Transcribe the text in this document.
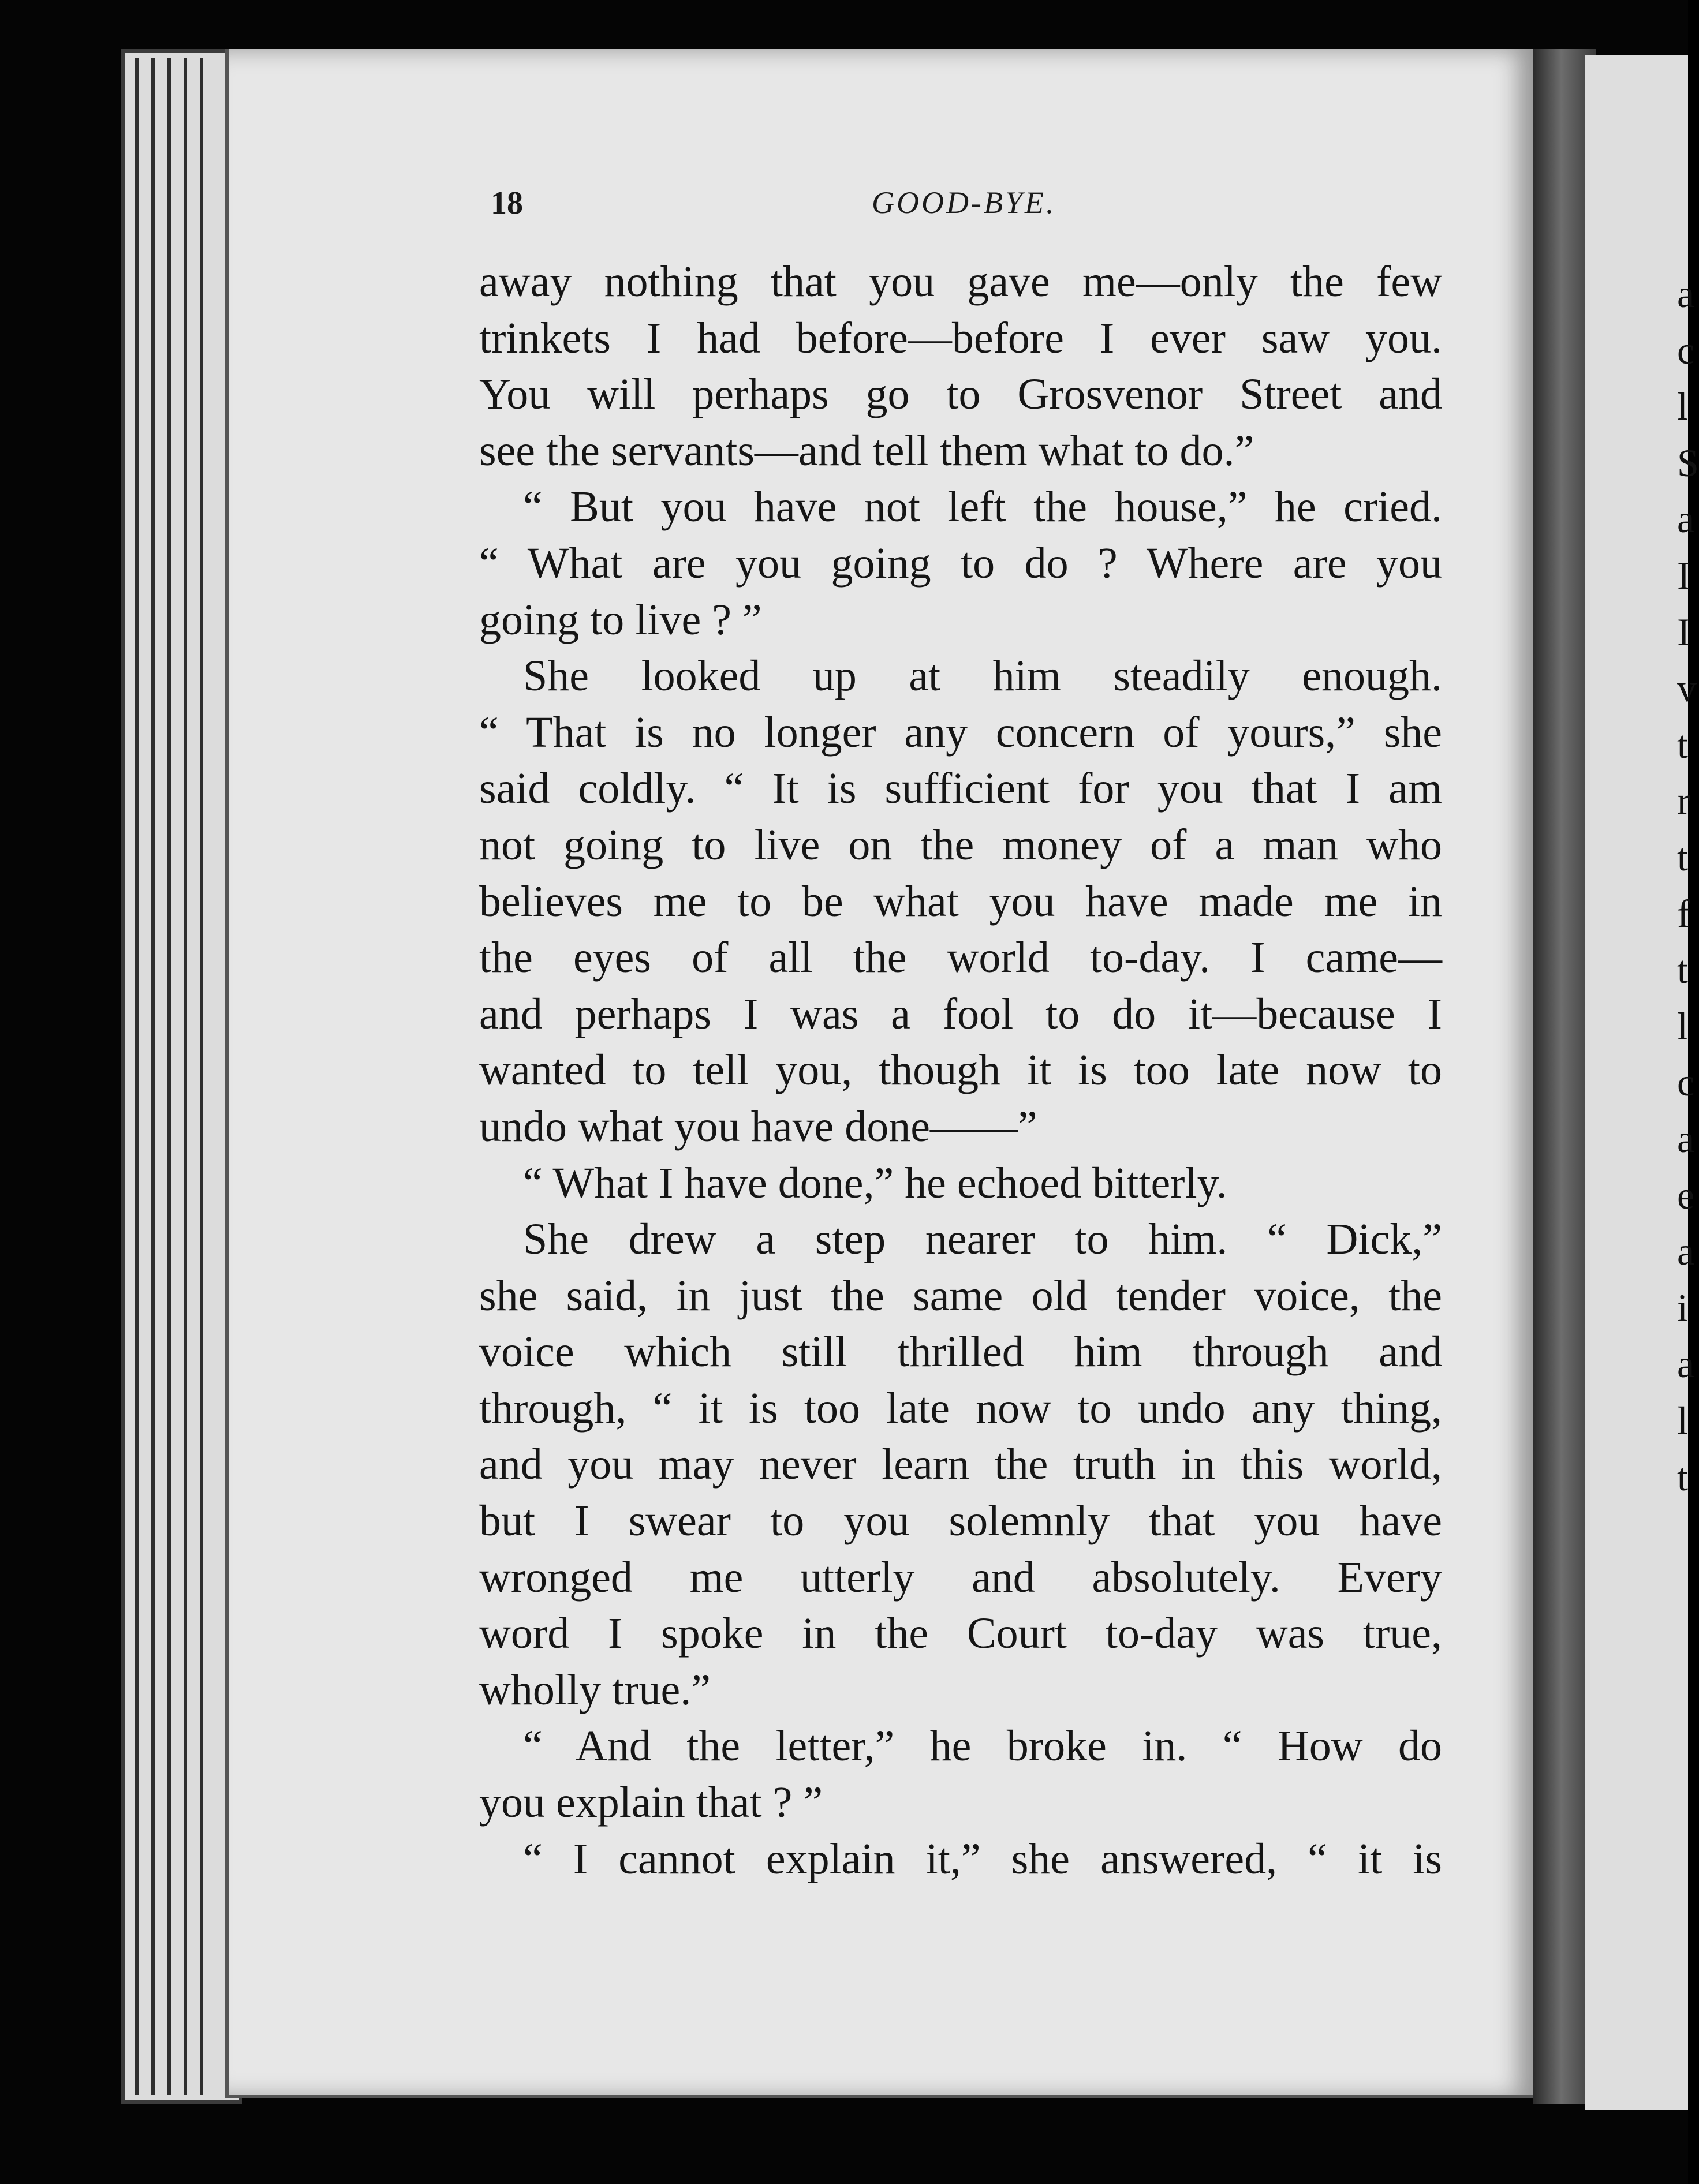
a
c
l
S
a
I
I
v
t
r
t
f
t
l
c
a
e
a
i
a
l
t
18	GOOD-BYE.
away nothing that you gave me—only the few
trinkets I had before—before I ever saw you.
You will perhaps go to Grosvenor Street and
see the servants—and tell them what to do.”
“ But you have not left the house,” he cried.
“ What are you going to do ? Where are you
going to live ? ”
She looked up at him steadily enough.
“ That is no longer any concern of yours,” she
said coldly. “ It is sufficient for you that I am
not going to live on the money of a man who
believes me to be what you have made me in
the eyes of all the world to-day. I came—
and perhaps I was a fool to do it—because I
wanted to tell you, though it is too late now to
undo what you have done——”
“ What I have done,” he echoed bitterly.
She drew a step nearer to him. “ Dick,”
she said, in just the same old tender voice, the
voice which still thrilled him through and
through, “ it is too late now to undo any thing,
and you may never learn the truth in this world,
but I swear to you solemnly that you have
wronged me utterly and absolutely. Every
word I spoke in the Court to-day was true,
wholly true.”
“ And the letter,” he broke in. “ How do
you explain that ? ”
“ I cannot explain it,” she answered, “ it is
